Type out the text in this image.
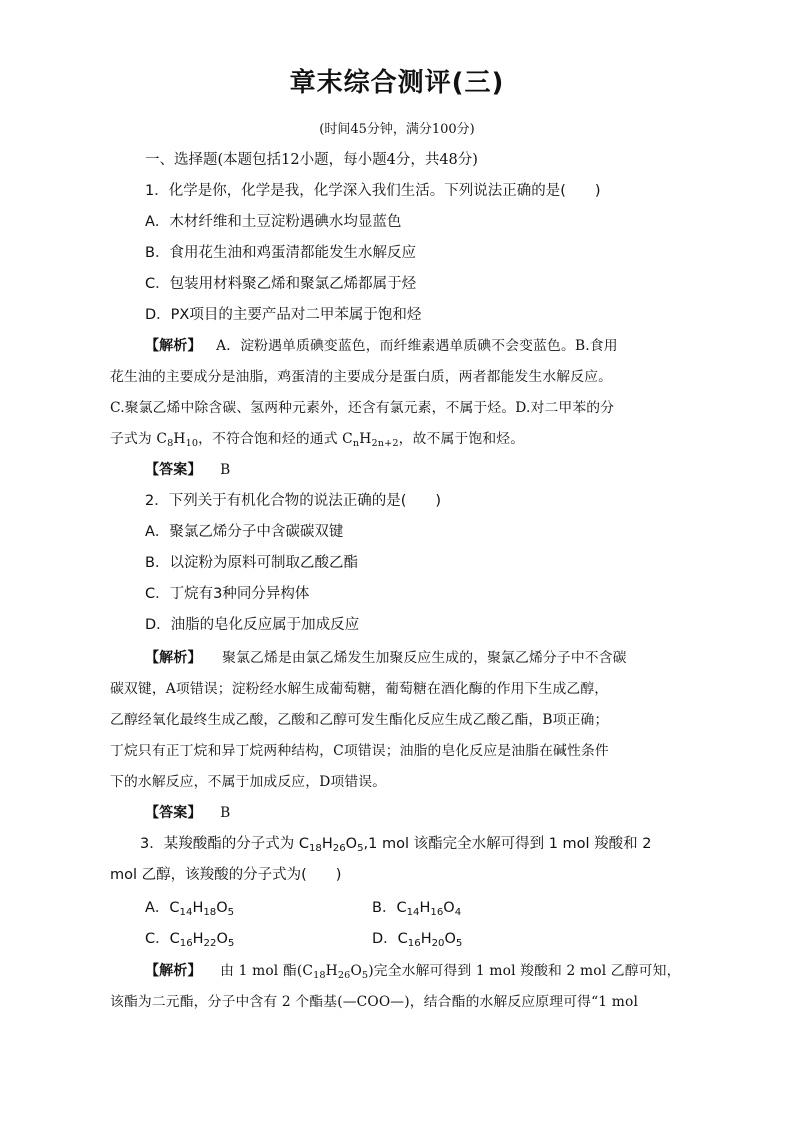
章末综合测评(三)
(时间45分钟，满分100分)
一、选择题(本题包括12小题，每小题4分，共48分)
1．化学是你，化学是我，化学深入我们生活。下列说法正确的是(　　)
A．木材纤维和土豆淀粉遇碘水均显蓝色
B．食用花生油和鸡蛋清都能发生水解反应
C．包装用材料聚乙烯和聚氯乙烯都属于烃
D．PX项目的主要产品对二甲苯属于饱和烃
【解析】 A．淀粉遇单质碘变蓝色，而纤维素遇单质碘不会变蓝色。B.食用
花生油的主要成分是油脂，鸡蛋清的主要成分是蛋白质，两者都能发生水解反应。
C.聚氯乙烯中除含碳、氢两种元素外，还含有氯元素，不属于烃。D.对二甲苯的分
子式为 $C_8H_{10}$，不符合饱和烃的通式 $C_nH_{2n+2}$，故不属于饱和烃。
【答案】 B
2．下列关于有机化合物的说法正确的是(　　)
A．聚氯乙烯分子中含碳碳双键
B．以淀粉为原料可制取乙酸乙酯
C．丁烷有3种同分异构体
D．油脂的皂化反应属于加成反应
【解析】 聚氯乙烯是由氯乙烯发生加聚反应生成的，聚氯乙烯分子中不含碳
碳双键，A项错误；淀粉经水解生成葡萄糖，葡萄糖在酒化酶的作用下生成乙醇，
乙醇经氧化最终生成乙酸，乙酸和乙醇可发生酯化反应生成乙酸乙酯，B项正确；
丁烷只有正丁烷和异丁烷两种结构，C项错误；油脂的皂化反应是油脂在碱性条件
下的水解反应，不属于加成反应，D项错误。
【答案】 B
3．某羧酸酯的分子式为 $C_{18}H_{26}O_5,1$ mol 该酯完全水解可得到 1 mol 羧酸和 2
mol 乙醇，该羧酸的分子式为(　　)
A．$C_{14}H_{18}O_5$	B．$C_{14}H_{16}O_4$
C．$C_{16}H_{22}O_5$	D．$C_{16}H_{20}O_5$
【解析】 由 1 mol 酯$(C_{18}H_{26}O_5)$完全水解可得到 1 mol 羧酸和 2 mol 乙醇可知，
该酯为二元酯，分子中含有 2 个酯基(—COO—)，结合酯的水解反应原理可得“1 mol
